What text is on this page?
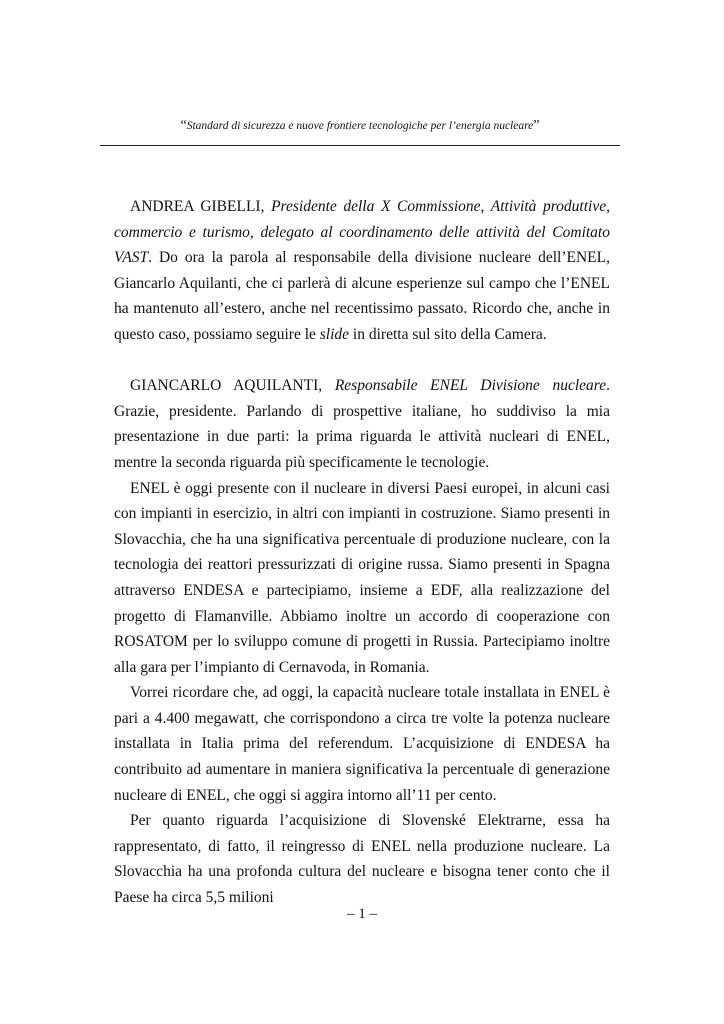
“Standard di sicurezza e nuove frontiere tecnologiche per l’energia nucleare”

ANDREA GIBELLI, Presidente della X Commissione, Attività produttive, commercio e turismo, delegato al coordinamento delle attività del Comitato VAST. Do ora la parola al responsabile della divisione nucleare dell’ENEL, Giancarlo Aquilanti, che ci parlerà di alcune esperienze sul campo che l’ENEL ha mantenuto all’estero, anche nel recentissimo passato. Ricordo che, anche in questo caso, possiamo seguire le slide in diretta sul sito della Camera.

GIANCARLO AQUILANTI, Responsabile ENEL Divisione nucleare. Grazie, presidente. Parlando di prospettive italiane, ho suddiviso la mia presentazione in due parti: la prima riguarda le attività nucleari di ENEL, mentre la seconda riguarda più specificamente le tecnologie.

ENEL è oggi presente con il nucleare in diversi Paesi europei, in alcuni casi con impianti in esercizio, in altri con impianti in costruzione. Siamo presenti in Slovacchia, che ha una significativa percentuale di produzione nucleare, con la tecnologia dei reattori pressurizzati di origine russa. Siamo presenti in Spagna attraverso ENDESA e partecipiamo, insieme a EDF, alla realizzazione del progetto di Flamanville. Abbiamo inoltre un accordo di cooperazione con ROSATOM per lo sviluppo comune di progetti in Russia. Partecipiamo inoltre alla gara per l’impianto di Cernavoda, in Romania.

Vorrei ricordare che, ad oggi, la capacità nucleare totale installata in ENEL è pari a 4.400 megawatt, che corrispondono a circa tre volte la potenza nucleare installata in Italia prima del referendum. L’acquisizione di ENDESA ha contribuito ad aumentare in maniera significativa la percentuale di generazione nucleare di ENEL, che oggi si aggira intorno all’11 per cento.

Per quanto riguarda l’acquisizione di Slovenské Elektrarne, essa ha rappresentato, di fatto, il reingresso di ENEL nella produzione nucleare. La Slovacchia ha una profonda cultura del nucleare e bisogna tener conto che il Paese ha circa 5,5 milioni

– 1 –
